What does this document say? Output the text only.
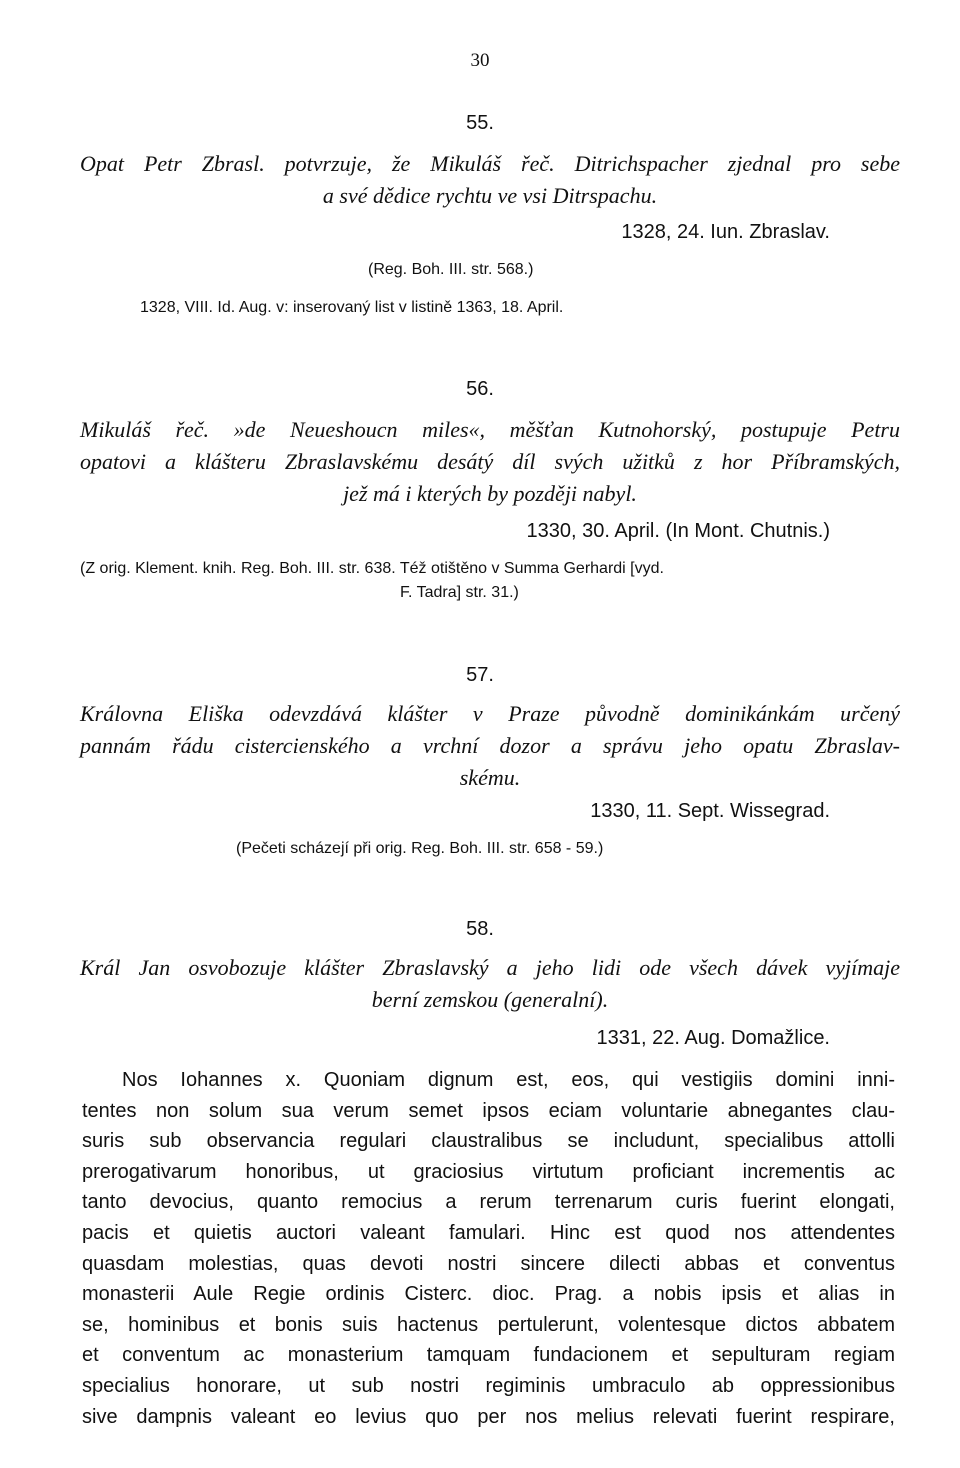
30
55.
Opat Petr Zbrasl. potvrzuje, že Mikuláš řeč. Ditrichspacher zjednal pro sebe
a své dědice rychtu ve vsi Ditrspachu.
1328, 24. Iun. Zbraslav.
(Reg. Boh. III. str. 568.)
1328, VIII. Id. Aug. v: inserovaný list v listině 1363, 18. April.
56.
Mikuláš řeč. »de Neueshoucn miles«, měšťan Kutnohorský, postupuje Petru
opatovi a klášteru Zbraslavskému desátý díl svých užitků z hor Příbramských,
jež má i kterých by později nabyl.
1330, 30. April. (In Mont. Chutnis.)
(Z orig. Klement. knih. Reg. Boh. III. str. 638. Též otištěno v Summa Gerhardi [vyd.
F. Tadra] str. 31.)
57.
Královna Eliška odevzdává klášter v Praze původně dominikánkám určený
pannám řádu cistercienského a vrchní dozor a správu jeho opatu Zbraslav-
skému.
1330, 11. Sept. Wissegrad.
(Pečeti scházejí při orig. Reg. Boh. III. str. 658 - 59.)
58.
Král Jan osvobozuje klášter Zbraslavský a jeho lidi ode všech dávek vyjímaje
berní zemskou (generalní).
1331, 22. Aug. Domažlice.
Nos Iohannes x. Quoniam dignum est, eos, qui vestigiis domini inni-
tentes non solum sua verum semet ipsos eciam voluntarie abnegantes clau-
suris sub observancia regulari claustralibus se includunt, specialibus attolli
prerogativarum honoribus, ut graciosius virtutum proficiant incrementis ac
tanto devocius, quanto remocius a rerum terrenarum curis fuerint elongati,
pacis et quietis auctori valeant famulari. Hinc est quod nos attendentes
quasdam molestias, quas devoti nostri sincere dilecti abbas et conventus
monasterii Aule Regie ordinis Cisterc. dioc. Prag. a nobis ipsis et alias in
se, hominibus et bonis suis hactenus pertulerunt, volentesque dictos abbatem
et conventum ac monasterium tamquam fundacionem et sepulturam regiam
specialius honorare, ut sub nostri regiminis umbraculo ab oppressionibus
sive dampnis valeant eo levius quo per nos melius relevati fuerint respirare,
